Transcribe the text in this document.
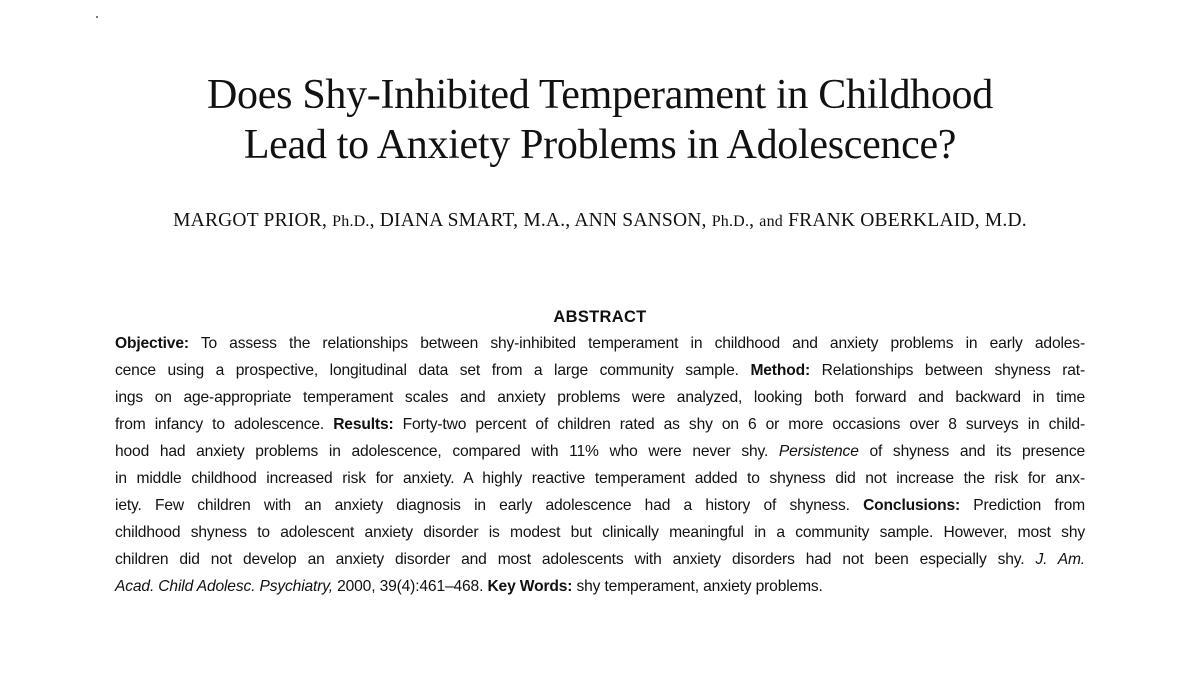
Does Shy-Inhibited Temperament in Childhood
Lead to Anxiety Problems in Adolescence?
MARGOT PRIOR, Ph.D., DIANA SMART, M.A., ANN SANSON, Ph.D., and FRANK OBERKLAID, M.D.
ABSTRACT
Objective: To assess the relationships between shy-inhibited temperament in childhood and anxiety problems in early adoles-
cence using a prospective, longitudinal data set from a large community sample. Method: Relationships between shyness rat-
ings on age-appropriate temperament scales and anxiety problems were analyzed, looking both forward and backward in time
from infancy to adolescence. Results: Forty-two percent of children rated as shy on 6 or more occasions over 8 surveys in child-
hood had anxiety problems in adolescence, compared with 11% who were never shy. Persistence of shyness and its presence
in middle childhood increased risk for anxiety. A highly reactive temperament added to shyness did not increase the risk for anx-
iety. Few children with an anxiety diagnosis in early adolescence had a history of shyness. Conclusions: Prediction from
childhood shyness to adolescent anxiety disorder is modest but clinically meaningful in a community sample. However, most shy
children did not develop an anxiety disorder and most adolescents with anxiety disorders had not been especially shy. J. Am.
Acad. Child Adolesc. Psychiatry, 2000, 39(4):461–468. Key Words: shy temperament, anxiety problems.
